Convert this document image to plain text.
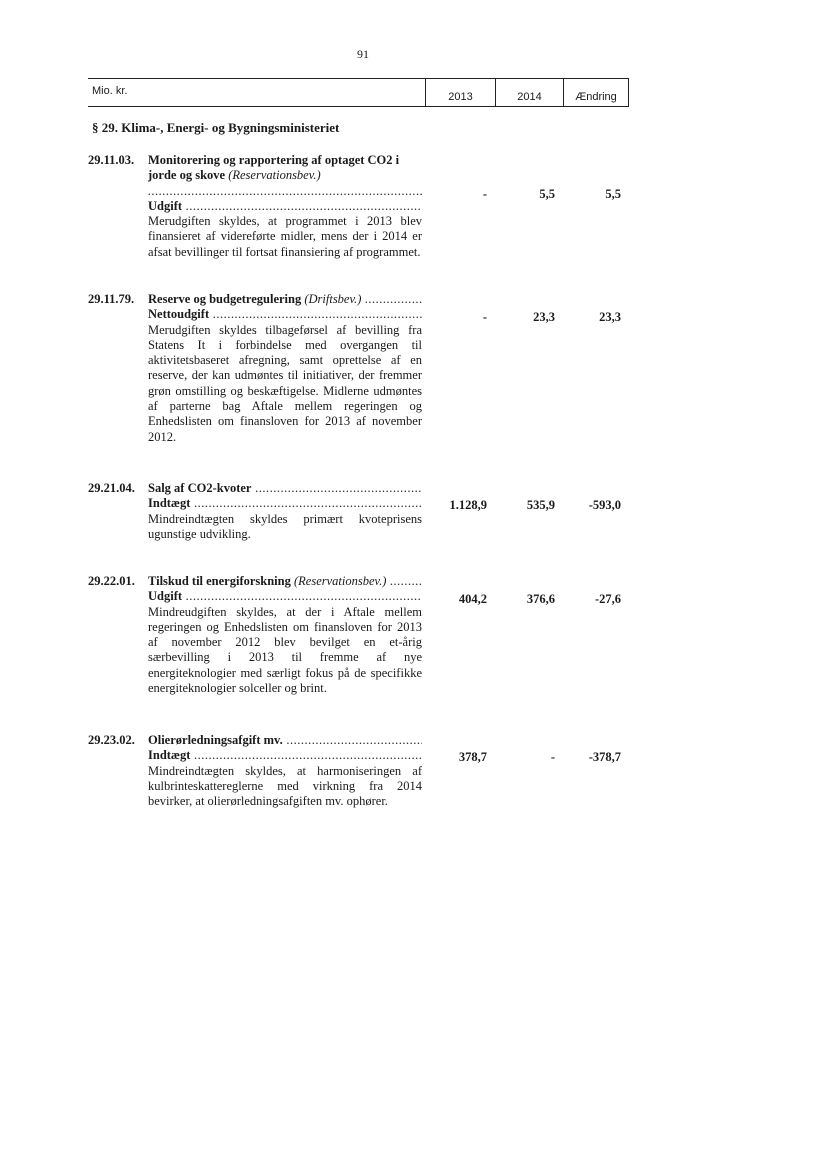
91
Mio. kr.	2013	2014	Ændring
§ 29. Klima-, Energi- og Bygningsministeriet
29.11.03. Monitorering og rapportering af optaget CO2 i jorde og skove (Reservationsbev.) .....
Udgift .....
Merudgiften skyldes, at programmet i 2013 blev finansieret af videreførte midler, mens der i 2014 er afsat bevillinger til fortsat finansiering af programmet.
-	5,5	5,5
29.11.79. Reserve og budgetregulering (Driftsbev.) .....
Nettoudgift .....
Merudgiften skyldes tilbageførsel af bevilling fra Statens It i forbindelse med overgangen til aktivitetsbaseret afregning, samt oprettelse af en reserve, der kan udmøntes til initiativer, der fremmer grøn omstilling og beskæftigelse. Midlerne udmøntes af parterne bag Aftale mellem regeringen og Enhedslisten om finansloven for 2013 af november 2012.
-	23,3	23,3
29.21.04. Salg af CO2-kvoter .....
Indtægt .....
Mindreindtægten skyldes primært kvoteprisens ugunstige udvikling.
1.128,9	535,9	-593,0
29.22.01. Tilskud til energiforskning (Reservationsbev.) .....
Udgift .....
Mindreudgiften skyldes, at der i Aftale mellem regeringen og Enhedslisten om finansloven for 2013 af november 2012 blev bevilget en et-årig særbevilling i 2013 til fremme af nye energiteknologier med særligt fokus på de specifikke energiteknologier solceller og brint.
404,2	376,6	-27,6
29.23.02. Olierørledningsafgift mv. .....
Indtægt .....
Mindreindtægten skyldes, at harmoniseringen af kulbrinteskattereglerne med virkning fra 2014 bevirker, at olierørledningsafgiften mv. ophører.
378,7	-	-378,7
